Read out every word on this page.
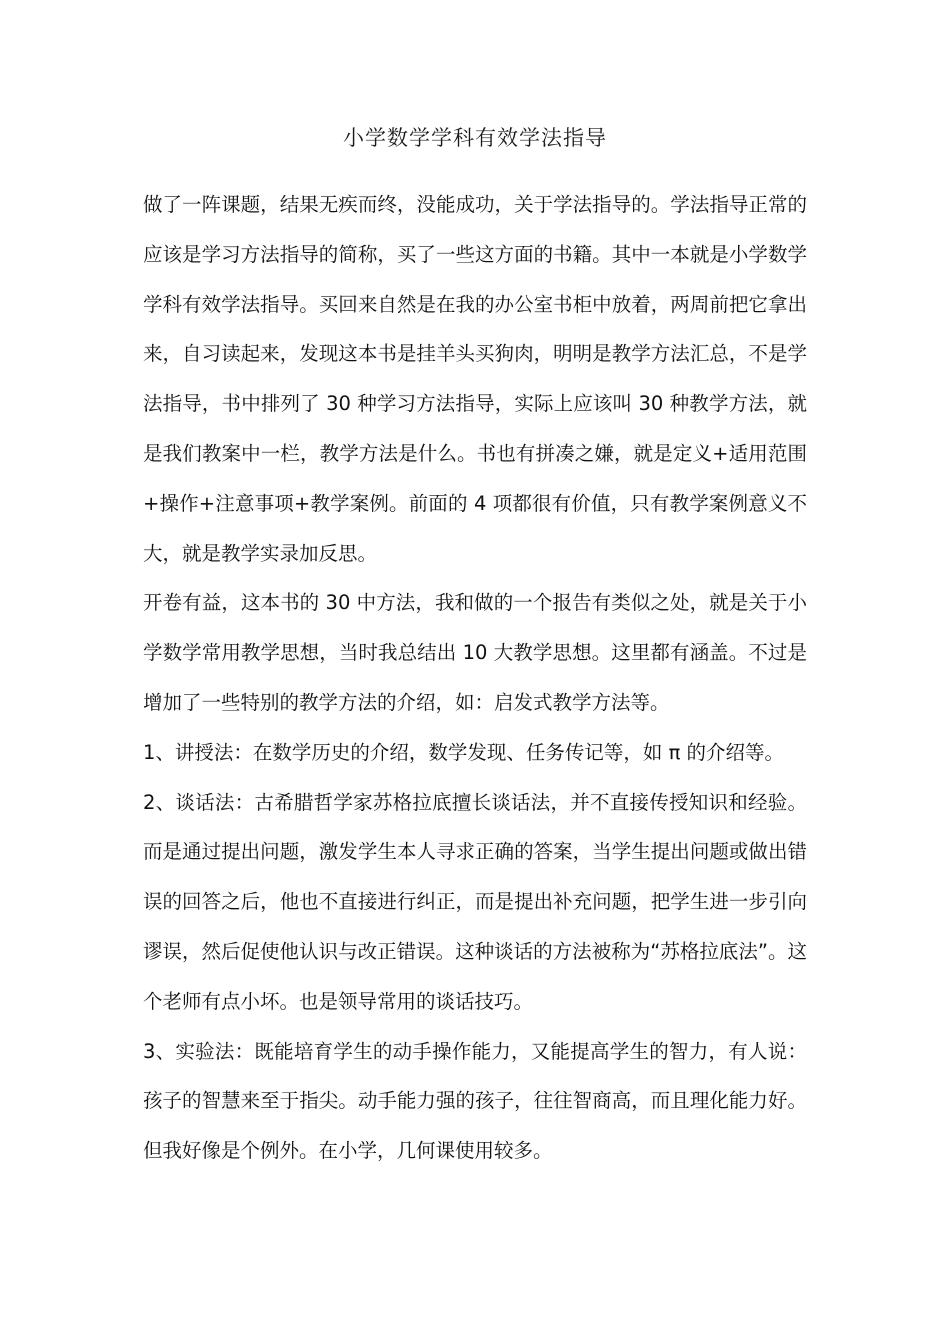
小学数学学科有效学法指导

做了一阵课题，结果无疾而终，没能成功，关于学法指导的。学法指导正常的应该是学习方法指导的简称，买了一些这方面的书籍。其中一本就是小学数学学科有效学法指导。买回来自然是在我的办公室书柜中放着，两周前把它拿出来，自习读起来，发现这本书是挂羊头买狗肉，明明是教学方法汇总，不是学法指导，书中排列了 30 种学习方法指导，实际上应该叫 30 种教学方法，就是我们教案中一栏，教学方法是什么。书也有拼凑之嫌，就是定义+适用范围+操作+注意事项+教学案例。前面的 4 项都很有价值，只有教学案例意义不大，就是教学实录加反思。

开卷有益，这本书的 30 中方法，我和做的一个报告有类似之处，就是关于小学数学常用教学思想，当时我总结出 10 大教学思想。这里都有涵盖。不过是增加了一些特别的教学方法的介绍，如：启发式教学方法等。

1、讲授法：在数学历史的介绍，数学发现、任务传记等，如 π 的介绍等。

2、谈话法：古希腊哲学家苏格拉底擅长谈话法，并不直接传授知识和经验。而是通过提出问题，激发学生本人寻求正确的答案，当学生提出问题或做出错误的回答之后，他也不直接进行纠正，而是提出补充问题，把学生进一步引向谬误，然后促使他认识与改正错误。这种谈话的方法被称为“苏格拉底法”。这个老师有点小坏。也是领导常用的谈话技巧。

3、实验法：既能培育学生的动手操作能力，又能提高学生的智力，有人说：孩子的智慧来至于指尖。动手能力强的孩子，往往智商高，而且理化能力好。但我好像是个例外。在小学，几何课使用较多。
